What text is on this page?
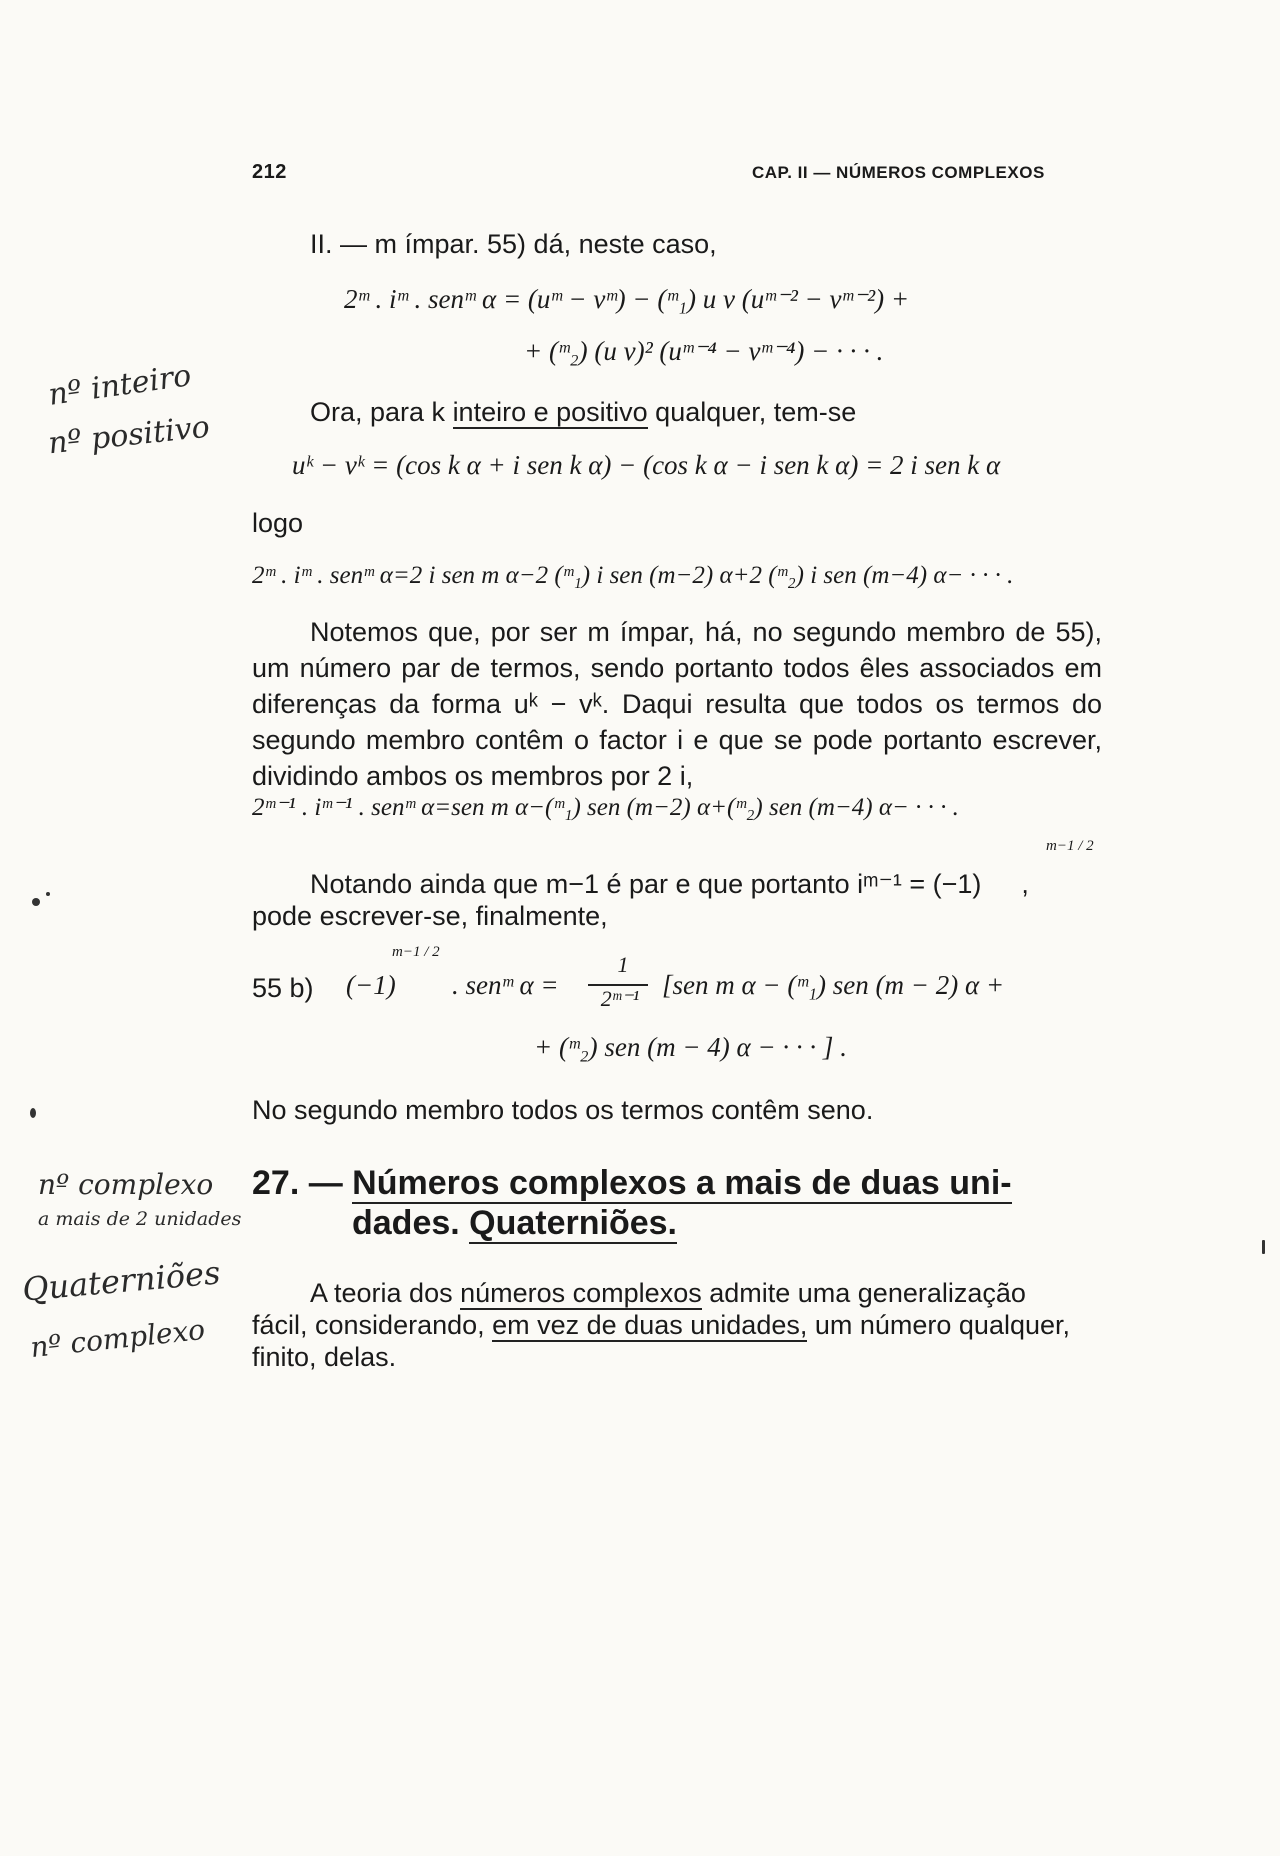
212	CAP. II — NÚMEROS COMPLEXOS
II. — m ímpar. 55) dá, neste caso,
2ᵐ . iᵐ . senᵐ α = (uᵐ − vᵐ) − (ᵐ₁) u v (uᵐ⁻² − vᵐ⁻²) +
+ (ᵐ₂) (u v)² (uᵐ⁻⁴ − vᵐ⁻⁴) − · · · .
nº inteiro
nº positivo	Ora, para k inteiro e positivo qualquer, tem-se
uᵏ − vᵏ = (cos k α + i sen k α) − (cos k α − i sen k α) = 2 i sen k α
logo
2ᵐ . iᵐ . senᵐ α=2 i sen m α−2 (ᵐ₁) i sen (m−2) α+2 (ᵐ₂) i sen (m−4) α− · · · .
Notemos que, por ser m ímpar, há, no segundo membro de 55), um número par de termos, sendo portanto todos êles associados em diferenças da forma uᵏ − vᵏ. Daqui resulta que todos os termos do segundo membro contêm o factor i e que se pode portanto escrever, dividindo ambos os membros por 2 i,
2ᵐ⁻¹ . iᵐ⁻¹ . senᵐ α=sen m α−(ᵐ₁) sen (m−2) α+(ᵐ₂) sen (m−4) α− · · · .
m−1 / 2
Notando ainda que m−1 é par e que portanto iᵐ⁻¹ = (−1) ,
pode escrever-se, finalmente,
55 b) (−1)
m−1 / 2
. senᵐ α =
1
2ᵐ⁻¹ [sen m α − (ᵐ₁) sen (m − 2) α +
+ (ᵐ₂) sen (m − 4) α − · · · ] .
No segundo membro todos os termos contêm seno.
27. — Números complexos a mais de duas uni-
dades. Quaterniões.
nº complexo
a mais de 2 unidades
Quaterniões
nº complexo
A teoria dos números complexos admite uma generalização
fácil, considerando, em vez de duas unidades, um número qualquer,
finito, delas.
